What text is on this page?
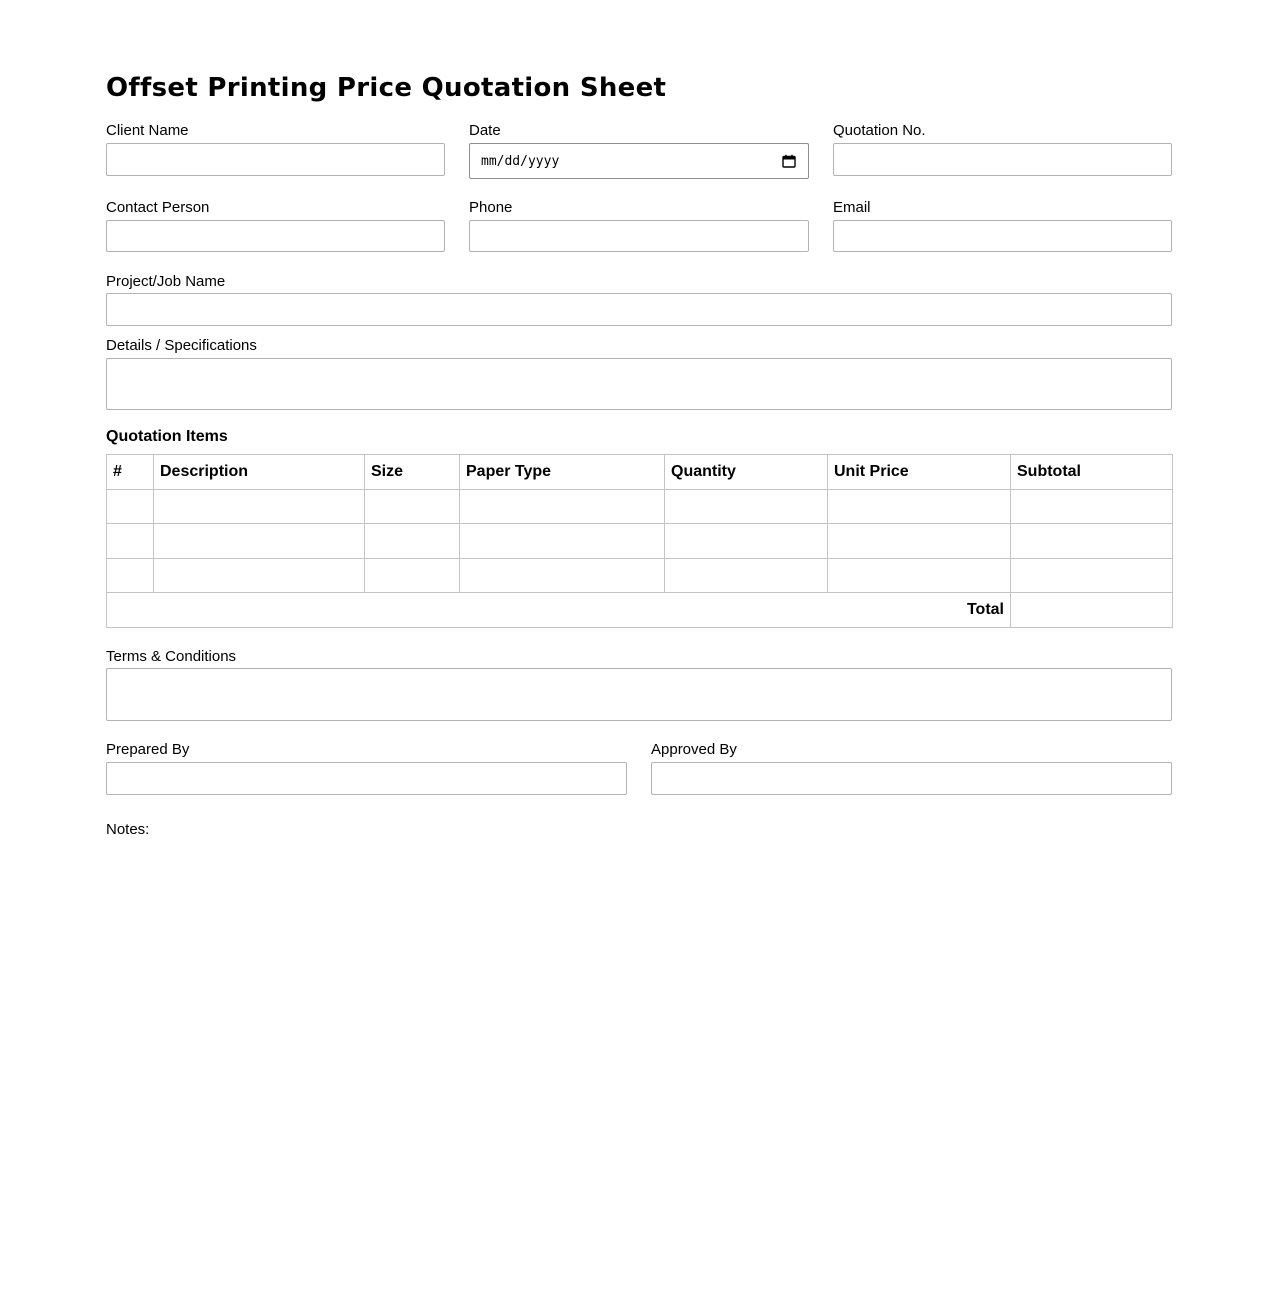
Offset Printing Price Quotation Sheet
Client Name	Date
mm/dd/yyyy
Quotation No.
Contact Person	Phone	Email
Project/Job Name
Details / Specifications
Quotation Items
#	Description	Size	Paper Type	Quantity	Unit Price	Subtotal

Total						
Terms & Conditions
Prepared By	Approved By
Notes:
